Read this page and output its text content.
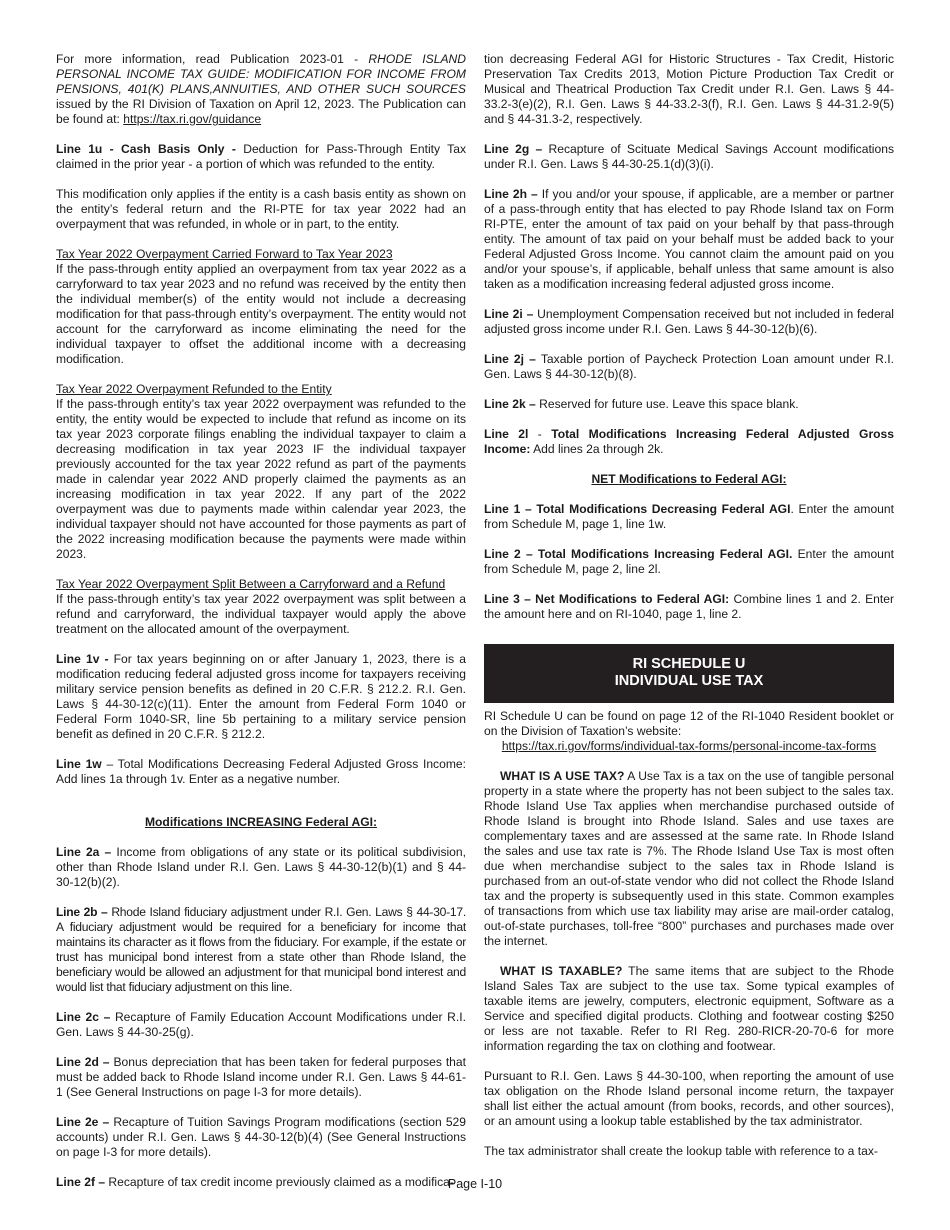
For more information, read Publication 2023-01 - RHODE ISLAND PERSONAL INCOME TAX GUIDE: MODIFICATION FOR INCOME FROM PENSIONS, 401(K) PLANS,ANNUITIES, AND OTHER SUCH SOURCES issued by the RI Division of Taxation on April 12, 2023. The Publication can be found at: https://tax.ri.gov/guidance

Line 1u - Cash Basis Only - Deduction for Pass-Through Entity Tax claimed in the prior year - a portion of which was refunded to the entity.

This modification only applies if the entity is a cash basis entity as shown on the entity’s federal return and the RI-PTE for tax year 2022 had an overpayment that was refunded, in whole or in part, to the entity.

Tax Year 2022 Overpayment Carried Forward to Tax Year 2023
If the pass-through entity applied an overpayment from tax year 2022 as a carryforward to tax year 2023 and no refund was received by the entity then the individual member(s) of the entity would not include a decreasing modification for that pass-through entity’s overpayment. The entity would not account for the carryforward as income eliminating the need for the individual taxpayer to offset the additional income with a decreasing modification.

Tax Year 2022 Overpayment Refunded to the Entity
If the pass-through entity’s tax year 2022 overpayment was refunded to the entity, the entity would be expected to include that refund as income on its tax year 2023 corporate filings enabling the individual taxpayer to claim a decreasing modification in tax year 2023 IF the individual taxpayer previously accounted for the tax year 2022 refund as part of the payments made in calendar year 2022 AND properly claimed the payments as an increasing modification in tax year 2022. If any part of the 2022 overpayment was due to payments made within calendar year 2023, the individual taxpayer should not have accounted for those payments as part of the 2022 increasing modification because the payments were made within 2023.

Tax Year 2022 Overpayment Split Between a Carryforward and a Refund
If the pass-through entity’s tax year 2022 overpayment was split between a refund and carryforward, the individual taxpayer would apply the above treatment on the allocated amount of the overpayment.

Line 1v - For tax years beginning on or after January 1, 2023, there is a modification reducing federal adjusted gross income for taxpayers receiving military service pension benefits as defined in 20 C.F.R. § 212.2. R.I. Gen. Laws § 44-30-12(c)(11). Enter the amount from Federal Form 1040 or Federal Form 1040-SR, line 5b pertaining to a military service pension benefit as defined in 20 C.F.R. § 212.2.

Line 1w – Total Modifications Decreasing Federal Adjusted Gross Income: Add lines 1a through 1v. Enter as a negative number.

Modifications INCREASING Federal AGI:

Line 2a – Income from obligations of any state or its political subdivision, other than Rhode Island under R.I. Gen. Laws § 44-30-12(b)(1) and § 44-30-12(b)(2).

Line 2b – Rhode Island fiduciary adjustment under R.I. Gen. Laws § 44-30-17. A fiduciary adjustment would be required for a beneficiary for income that maintains its character as it flows from the fiduciary. For example, if the estate or trust has municipal bond interest from a state other than Rhode Island, the beneficiary would be allowed an adjustment for that municipal bond interest and would list that fiduciary adjustment on this line.

Line 2c – Recapture of Family Education Account Modifications under R.I. Gen. Laws § 44-30-25(g).

Line 2d – Bonus depreciation that has been taken for federal purposes that must be added back to Rhode Island income under R.I. Gen. Laws § 44-61-1 (See General Instructions on page I-3 for more details).

Line 2e – Recapture of Tuition Savings Program modifications (section 529 accounts) under R.I. Gen. Laws § 44-30-12(b)(4) (See General Instructions on page I-3 for more details).

Line 2f – Recapture of tax credit income previously claimed as a modifica-

tion decreasing Federal AGI for Historic Structures - Tax Credit, Historic Preservation Tax Credits 2013, Motion Picture Production Tax Credit or Musical and Theatrical Production Tax Credit under R.I. Gen. Laws § 44-33.2-3(e)(2), R.I. Gen. Laws § 44-33.2-3(f), R.I. Gen. Laws § 44-31.2-9(5) and § 44-31.3-2, respectively.

Line 2g – Recapture of Scituate Medical Savings Account modifications under R.I. Gen. Laws § 44-30-25.1(d)(3)(i).

Line 2h – If you and/or your spouse, if applicable, are a member or partner of a pass-through entity that has elected to pay Rhode Island tax on Form RI-PTE, enter the amount of tax paid on your behalf by that pass-through entity. The amount of tax paid on your behalf must be added back to your Federal Adjusted Gross Income. You cannot claim the amount paid on you and/or your spouse’s, if applicable, behalf unless that same amount is also taken as a modification increasing federal adjusted gross income.

Line 2i – Unemployment Compensation received but not included in federal adjusted gross income under R.I. Gen. Laws § 44-30-12(b)(6).

Line 2j – Taxable portion of Paycheck Protection Loan amount under R.I. Gen. Laws § 44-30-12(b)(8).

Line 2k – Reserved for future use. Leave this space blank.

Line 2l - Total Modifications Increasing Federal Adjusted Gross Income: Add lines 2a through 2k.

NET Modifications to Federal AGI:

Line 1 – Total Modifications Decreasing Federal AGI. Enter the amount from Schedule M, page 1, line 1w.

Line 2 – Total Modifications Increasing Federal AGI. Enter the amount from Schedule M, page 2, line 2l.

Line 3 – Net Modifications to Federal AGI: Combine lines 1 and 2. Enter the amount here and on RI-1040, page 1, line 2.

RI SCHEDULE U
INDIVIDUAL USE TAX

RI Schedule U can be found on page 12 of the RI-1040 Resident booklet or on the Division of Taxation’s website:
https://tax.ri.gov/forms/individual-tax-forms/personal-income-tax-forms

WHAT IS A USE TAX? A Use Tax is a tax on the use of tangible personal property in a state where the property has not been subject to the sales tax. Rhode Island Use Tax applies when merchandise purchased outside of Rhode Island is brought into Rhode Island. Sales and use taxes are complementary taxes and are assessed at the same rate. In Rhode Island the sales and use tax rate is 7%. The Rhode Island Use Tax is most often due when merchandise subject to the sales tax in Rhode Island is purchased from an out-of-state vendor who did not collect the Rhode Island tax and the property is subsequently used in this state. Common examples of transactions from which use tax liability may arise are mail-order catalog, out-of-state purchases, toll-free “800” purchases and purchases made over the internet.

WHAT IS TAXABLE? The same items that are subject to the Rhode Island Sales Tax are subject to the use tax. Some typical examples of taxable items are jewelry, computers, electronic equipment, Software as a Service and specified digital products. Clothing and footwear costing $250 or less are not taxable. Refer to RI Reg. 280-RICR-20-70-6 for more information regarding the tax on clothing and footwear.

Pursuant to R.I. Gen. Laws § 44-30-100, when reporting the amount of use tax obligation on the Rhode Island personal income return, the taxpayer shall list either the actual amount (from books, records, and other sources), or an amount using a lookup table established by the tax administrator.

The tax administrator shall create the lookup table with reference to a tax-

Page I-10
